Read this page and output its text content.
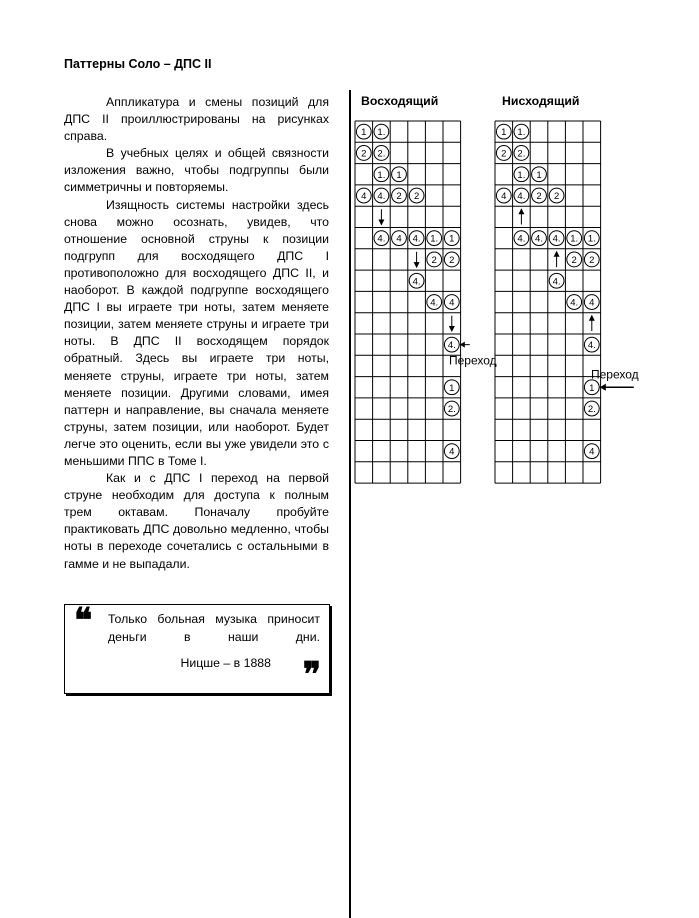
Паттерны Соло – ДПС II

Аппликатура и смены позиций для ДПС II проиллюстрированы на рисунках справа.

В учебных целях и общей связности изложения важно, чтобы подгруппы были симметричны и повторяемы.

Изящность системы настройки здесь снова можно осознать, увидев, что отношение основной струны к позиции подгрупп для восходящего ДПС I противоположно для восходящего ДПС II, и наоборот. В каждой подгруппе восходящего ДПС I вы играете три ноты, затем меняете позиции, затем меняете струны и играете три ноты. В ДПС II восходящем порядок обратный. Здесь вы играете три ноты, меняете струны, играете три ноты, затем меняете позиции. Другими словами, имея паттерн и направление, вы сначала меняете струны, затем позиции, или наоборот. Будет легче это оценить, если вы уже увидели это с меньшими ППС в Томе I.

Как и с ДПС I переход на первой струне необходим для доступа к полным трем октавам. Поначалу пробуйте практиковать ДПС довольно медленно, чтобы ноты в переходе сочетались с остальными в гамме и не выпадали.

❝ Только больная музыка приносит деньги в наши дни.
Ницше – в 1888 ❞
Восходящий	Нисходящий
1 1.
2 2.
1. 1
4 4. 2 2
4. 4 4. 1. 1
2 2
4.
4. 4
4.
1
2.
4
Переход
1 1.
2 2.
1. 1
4 4. 2 2
4. 4. 4. 1. 1.
2 2
4.
4. 4
4.
1
2.
4
Переход
